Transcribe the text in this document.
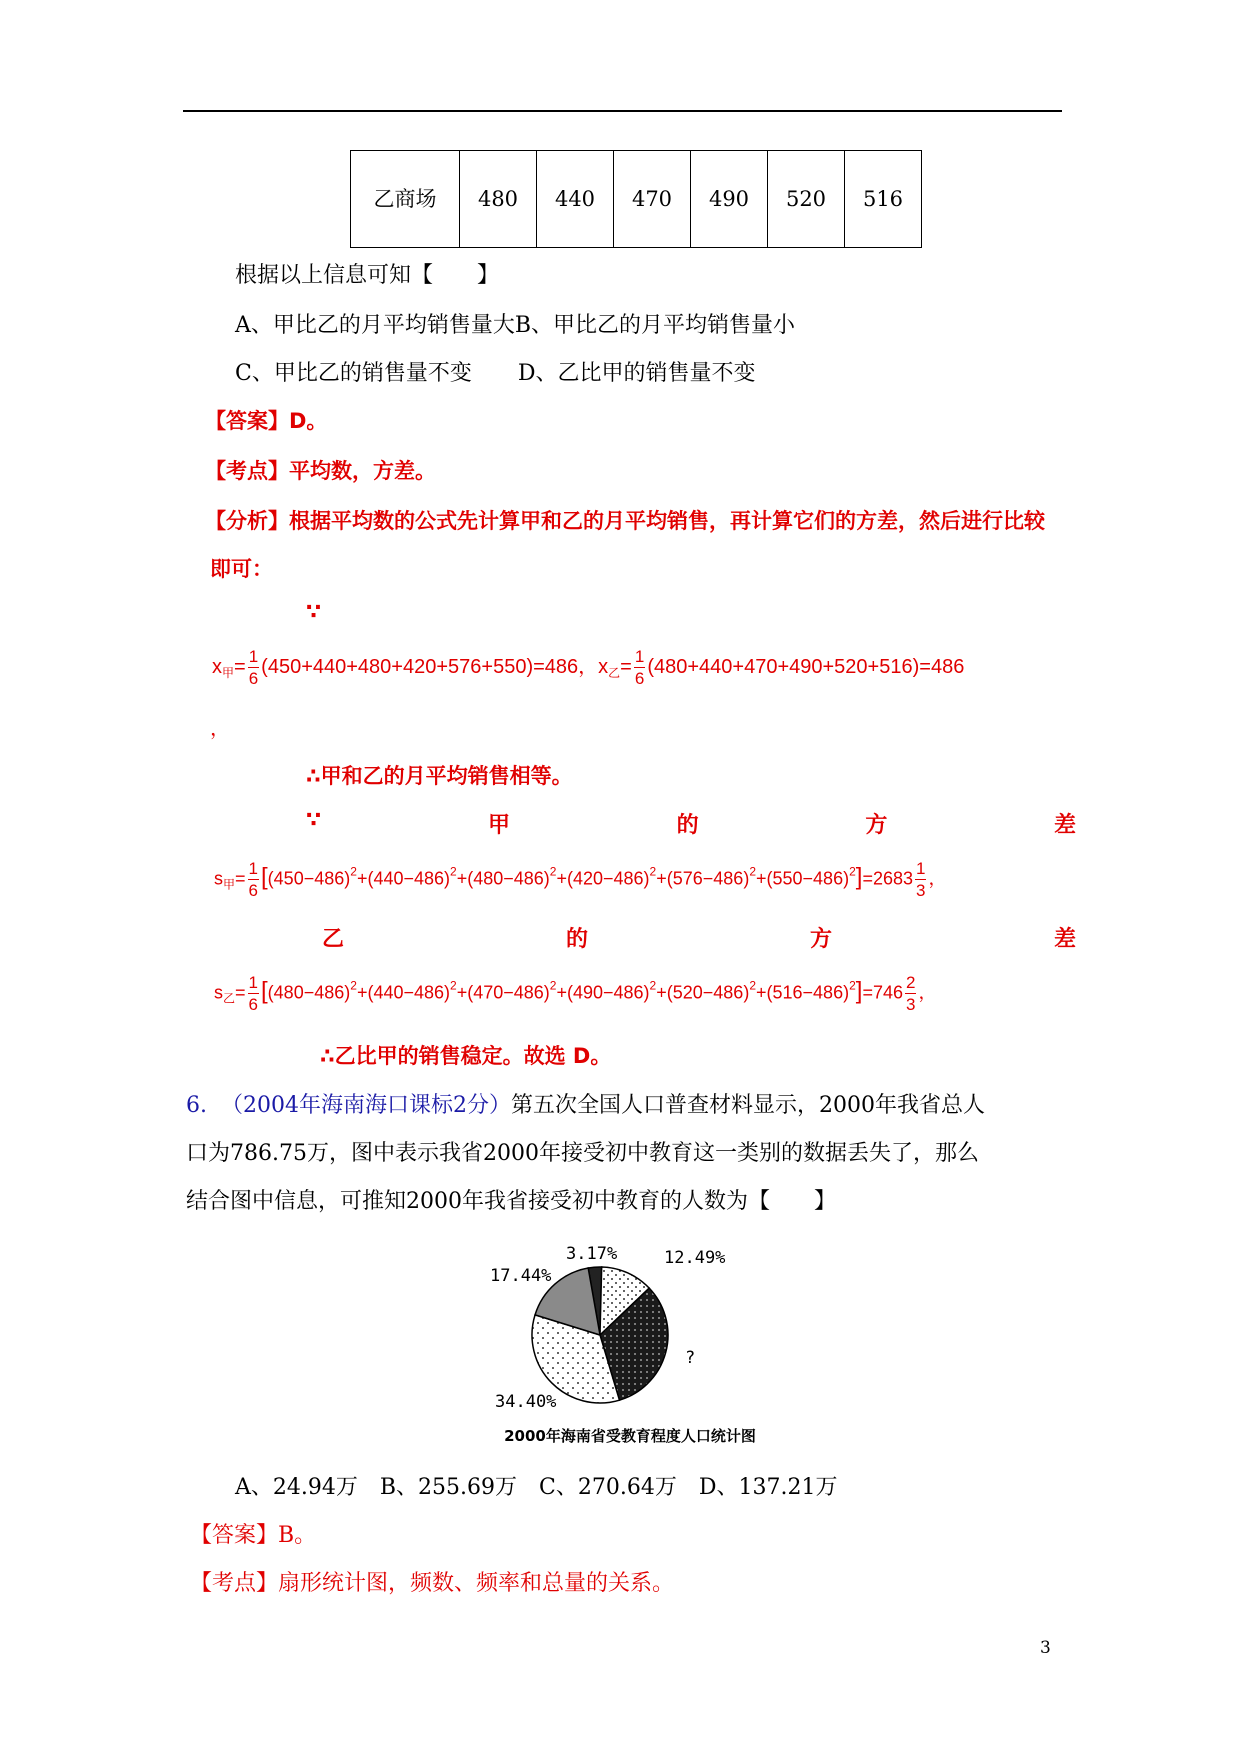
乙商场	480	440	470	490	520	516
根据以上信息可知【　　】
A、甲比乙的月平均销售量大B、甲比乙的月平均销售量小
C、甲比乙的销售量不变 D、乙比甲的销售量不变
【答案】D。
【考点】平均数，方差。
【分析】根据平均数的公式先计算甲和乙的月平均销售，再计算它们的方差，然后进行比较
即可：
∵
$x_甲= \frac{1}{6} (450+440+480+420+576+550)=486$，$x_乙= \frac{1}{6} (480+440+470+490+520+516)=486$
，
∴甲和乙的月平均销售相等。
∵	甲	的	方	差
$s_甲= \frac{1}{6} [(450-486)^2+(440-486)^2+(480-486)^2+(420-486)^2+(576-486)^2+(550-486)^2]=2683 \frac{1}{3}$ ，
乙	的	方	差
$s_乙= \frac{1}{6} [(480-486)^2+(440-486)^2+(470-486)^2+(490-486)^2+(520-486)^2+(516-486)^2]=746 \frac{2}{3}$ ，
∴乙比甲的销售稳定。故选 D。
6. （2004年海南海口课标2分）第五次全国人口普查材料显示，2000年我省总人
口为786.75万，图中表示我省2000年接受初中教育这一类别的数据丢失了，那么
结合图中信息，可推知2000年我省接受初中教育的人数为【　　】
3.17%	12.49%
?
34.40%
17.44%
2000年海南省受教育程度人口统计图
A、24.94万　B、255.69万　C、270.64万　D、137.21万
【答案】B。
【考点】扇形统计图，频数、频率和总量的关系。
3
